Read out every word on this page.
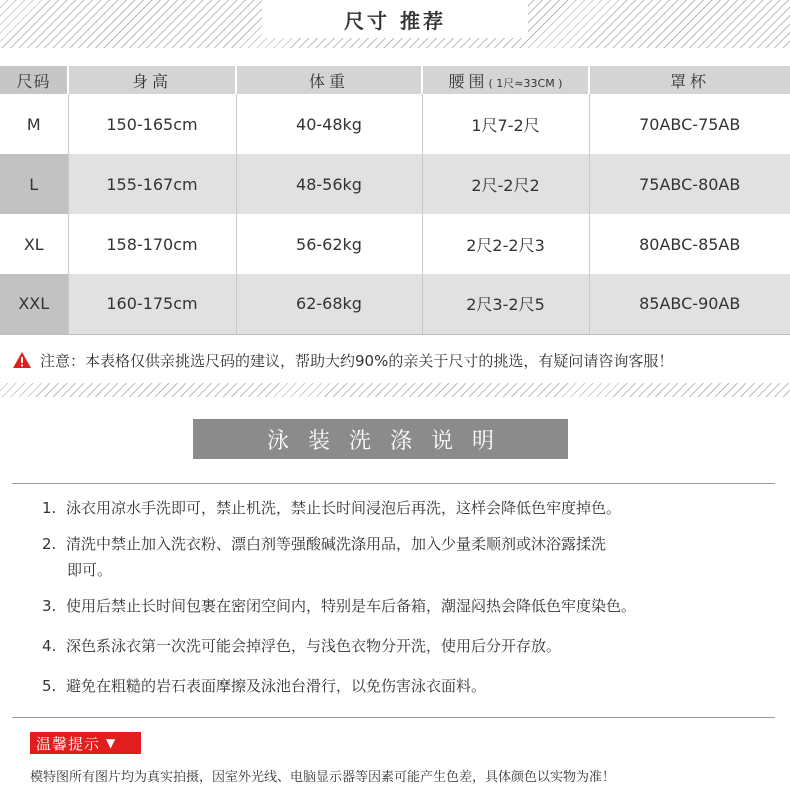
尺寸 推荐
尺码	身高	体重	腰围( 1尺≈33CM )	罩杯
M	150-165cm	40-48kg	1尺7-2尺	70ABC-75AB
L	155-167cm	48-56kg	2尺-2尺2	75ABC-80AB
XL	158-170cm	56-62kg	2尺2-2尺3	80ABC-85AB
XXL	160-175cm	62-68kg	2尺3-2尺5	85ABC-90AB
注意：本表格仅供亲挑选尺码的建议，帮助大约90%的亲关于尺寸的挑选，有疑问请咨询客服！
泳装洗涤说明
1. 泳衣用凉水手洗即可，禁止机洗，禁止长时间浸泡后再洗，这样会降低色牢度掉色。
2. 清洗中禁止加入洗衣粉、漂白剂等强酸碱洗涤用品，加入少量柔顺剂或沐浴露揉洗
即可。
3. 使用后禁止长时间包裹在密闭空间内，特别是车后备箱，潮湿闷热会降低色牢度染色。
4. 深色系泳衣第一次洗可能会掉浮色，与浅色衣物分开洗，使用后分开存放。
5. 避免在粗糙的岩石表面摩擦及泳池台滑行，以免伤害泳衣面料。
温馨提示 ▼
模特图所有图片均为真实拍摄，因室外光线、电脑显示器等因素可能产生色差，具体颜色以实物为准！
